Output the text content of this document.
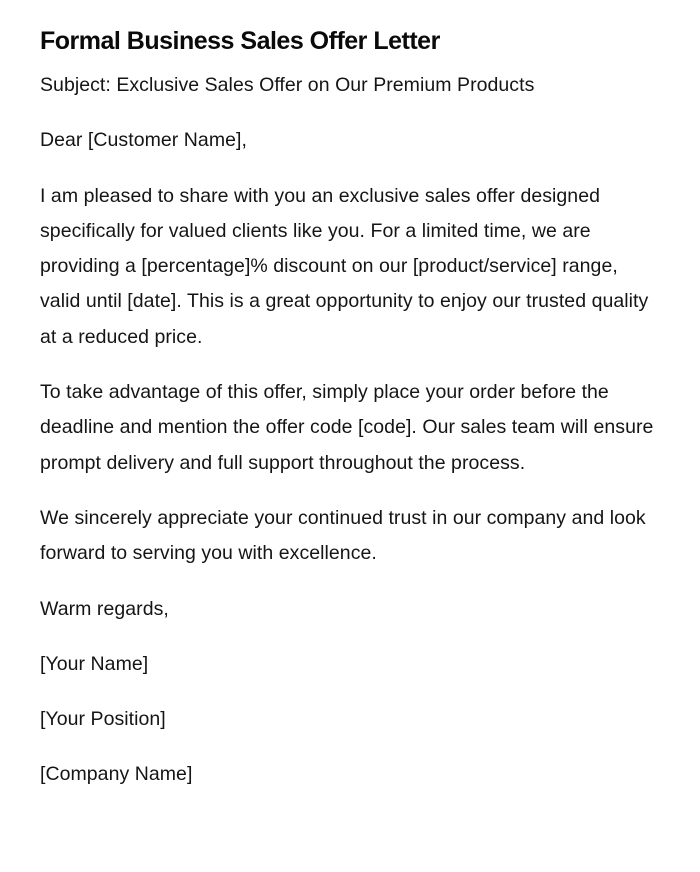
Formal Business Sales Offer Letter

Subject: Exclusive Sales Offer on Our Premium Products

Dear [Customer Name],

I am pleased to share with you an exclusive sales offer designed specifically for valued clients like you. For a limited time, we are providing a [percentage]% discount on our [product/service] range, valid until [date]. This is a great opportunity to enjoy our trusted quality at a reduced price.

To take advantage of this offer, simply place your order before the deadline and mention the offer code [code]. Our sales team will ensure prompt delivery and full support throughout the process.

We sincerely appreciate your continued trust in our company and look forward to serving you with excellence.

Warm regards,

[Your Name]

[Your Position]

[Company Name]
